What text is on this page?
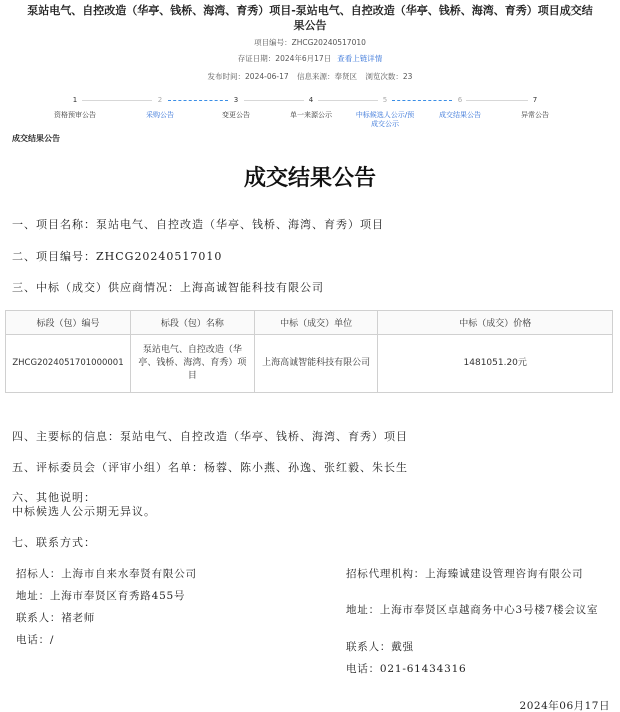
泵站电气、自控改造（华亭、钱桥、海湾、育秀）项目-泵站电气、自控改造（华亭、钱桥、海湾、育秀）项目成交结果公告
项目编号：ZHCG20240517010
存证日期：2024年6月17日 查看上链详情
发布时间：2024-06-17 信息来源：奉贤区 浏览次数：23
1
资格预审公告
2
采购公告
3
变更公告
4
单一来源公示
5
中标候选人公示/预成交公示
6
成交结果公告
7
异常公告
成交结果公告
成交结果公告
一、项目名称：泵站电气、自控改造（华亭、钱桥、海湾、育秀）项目
二、项目编号：ZHCG20240517010
三、中标（成交）供应商情况：上海高诚智能科技有限公司
标段（包）编号	标段（包）名称	中标（成交）单位	中标（成交）价格
ZHCG2024051701000001	泵站电气、自控改造（华亭、钱桥、海湾、育秀）项目	上海高诚智能科技有限公司	1481051.20元
四、主要标的信息：泵站电气、自控改造（华亭、钱桥、海湾、育秀）项目
五、评标委员会（评审小组）名单：杨蓉、陈小燕、孙逸、张红毅、朱长生
六、其他说明：
中标候选人公示期无异议。
七、联系方式：
招标人：上海市自来水奉贤有限公司
地址：上海市奉贤区育秀路455号
联系人：褚老师
电话：/
招标代理机构：上海臻诚建设管理咨询有限公司
地址：上海市奉贤区卓越商务中心3号楼7楼会议室
联系人：戴强
电话：021-61434316
2024年06月17日
